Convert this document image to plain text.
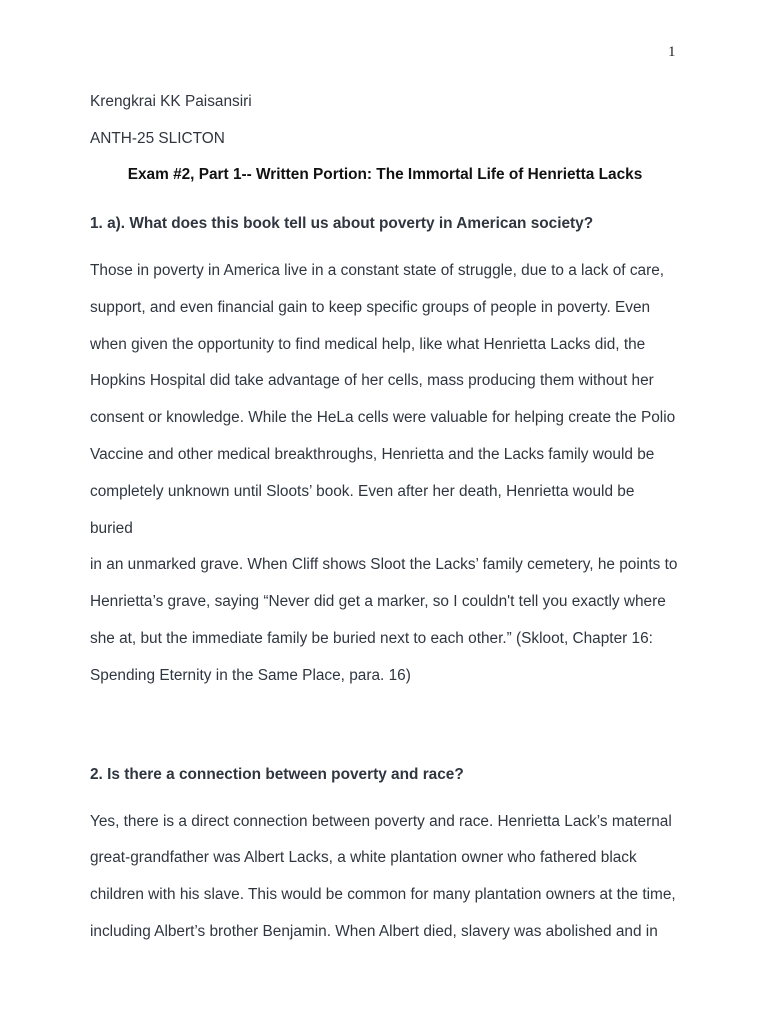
1

Krengkrai KK Paisansiri

ANTH-25 SLICTON

Exam #2, Part 1-- Written Portion: The Immortal Life of Henrietta Lacks

1. a). What does this book tell us about poverty in American society?

Those in poverty in America live in a constant state of struggle, due to a lack of care,
support, and even financial gain to keep specific groups of people in poverty. Even
when given the opportunity to find medical help, like what Henrietta Lacks did, the
Hopkins Hospital did take advantage of her cells, mass producing them without her
consent or knowledge. While the HeLa cells were valuable for helping create the Polio
Vaccine and other medical breakthroughs, Henrietta and the Lacks family would be
completely unknown until Sloots’ book. Even after her death, Henrietta would be buried
in an unmarked grave. When Cliff shows Sloot the Lacks’ family cemetery, he points to
Henrietta’s grave, saying “Never did get a marker, so I couldn't tell you exactly where
she at, but the immediate family be buried next to each other.” (Skloot, Chapter 16:
Spending Eternity in the Same Place, para. 16)

2. Is there a connection between poverty and race?

Yes, there is a direct connection between poverty and race. Henrietta Lack’s maternal
great-grandfather was Albert Lacks, a white plantation owner who fathered black
children with his slave. This would be common for many plantation owners at the time,
including Albert’s brother Benjamin. When Albert died, slavery was abolished and in
